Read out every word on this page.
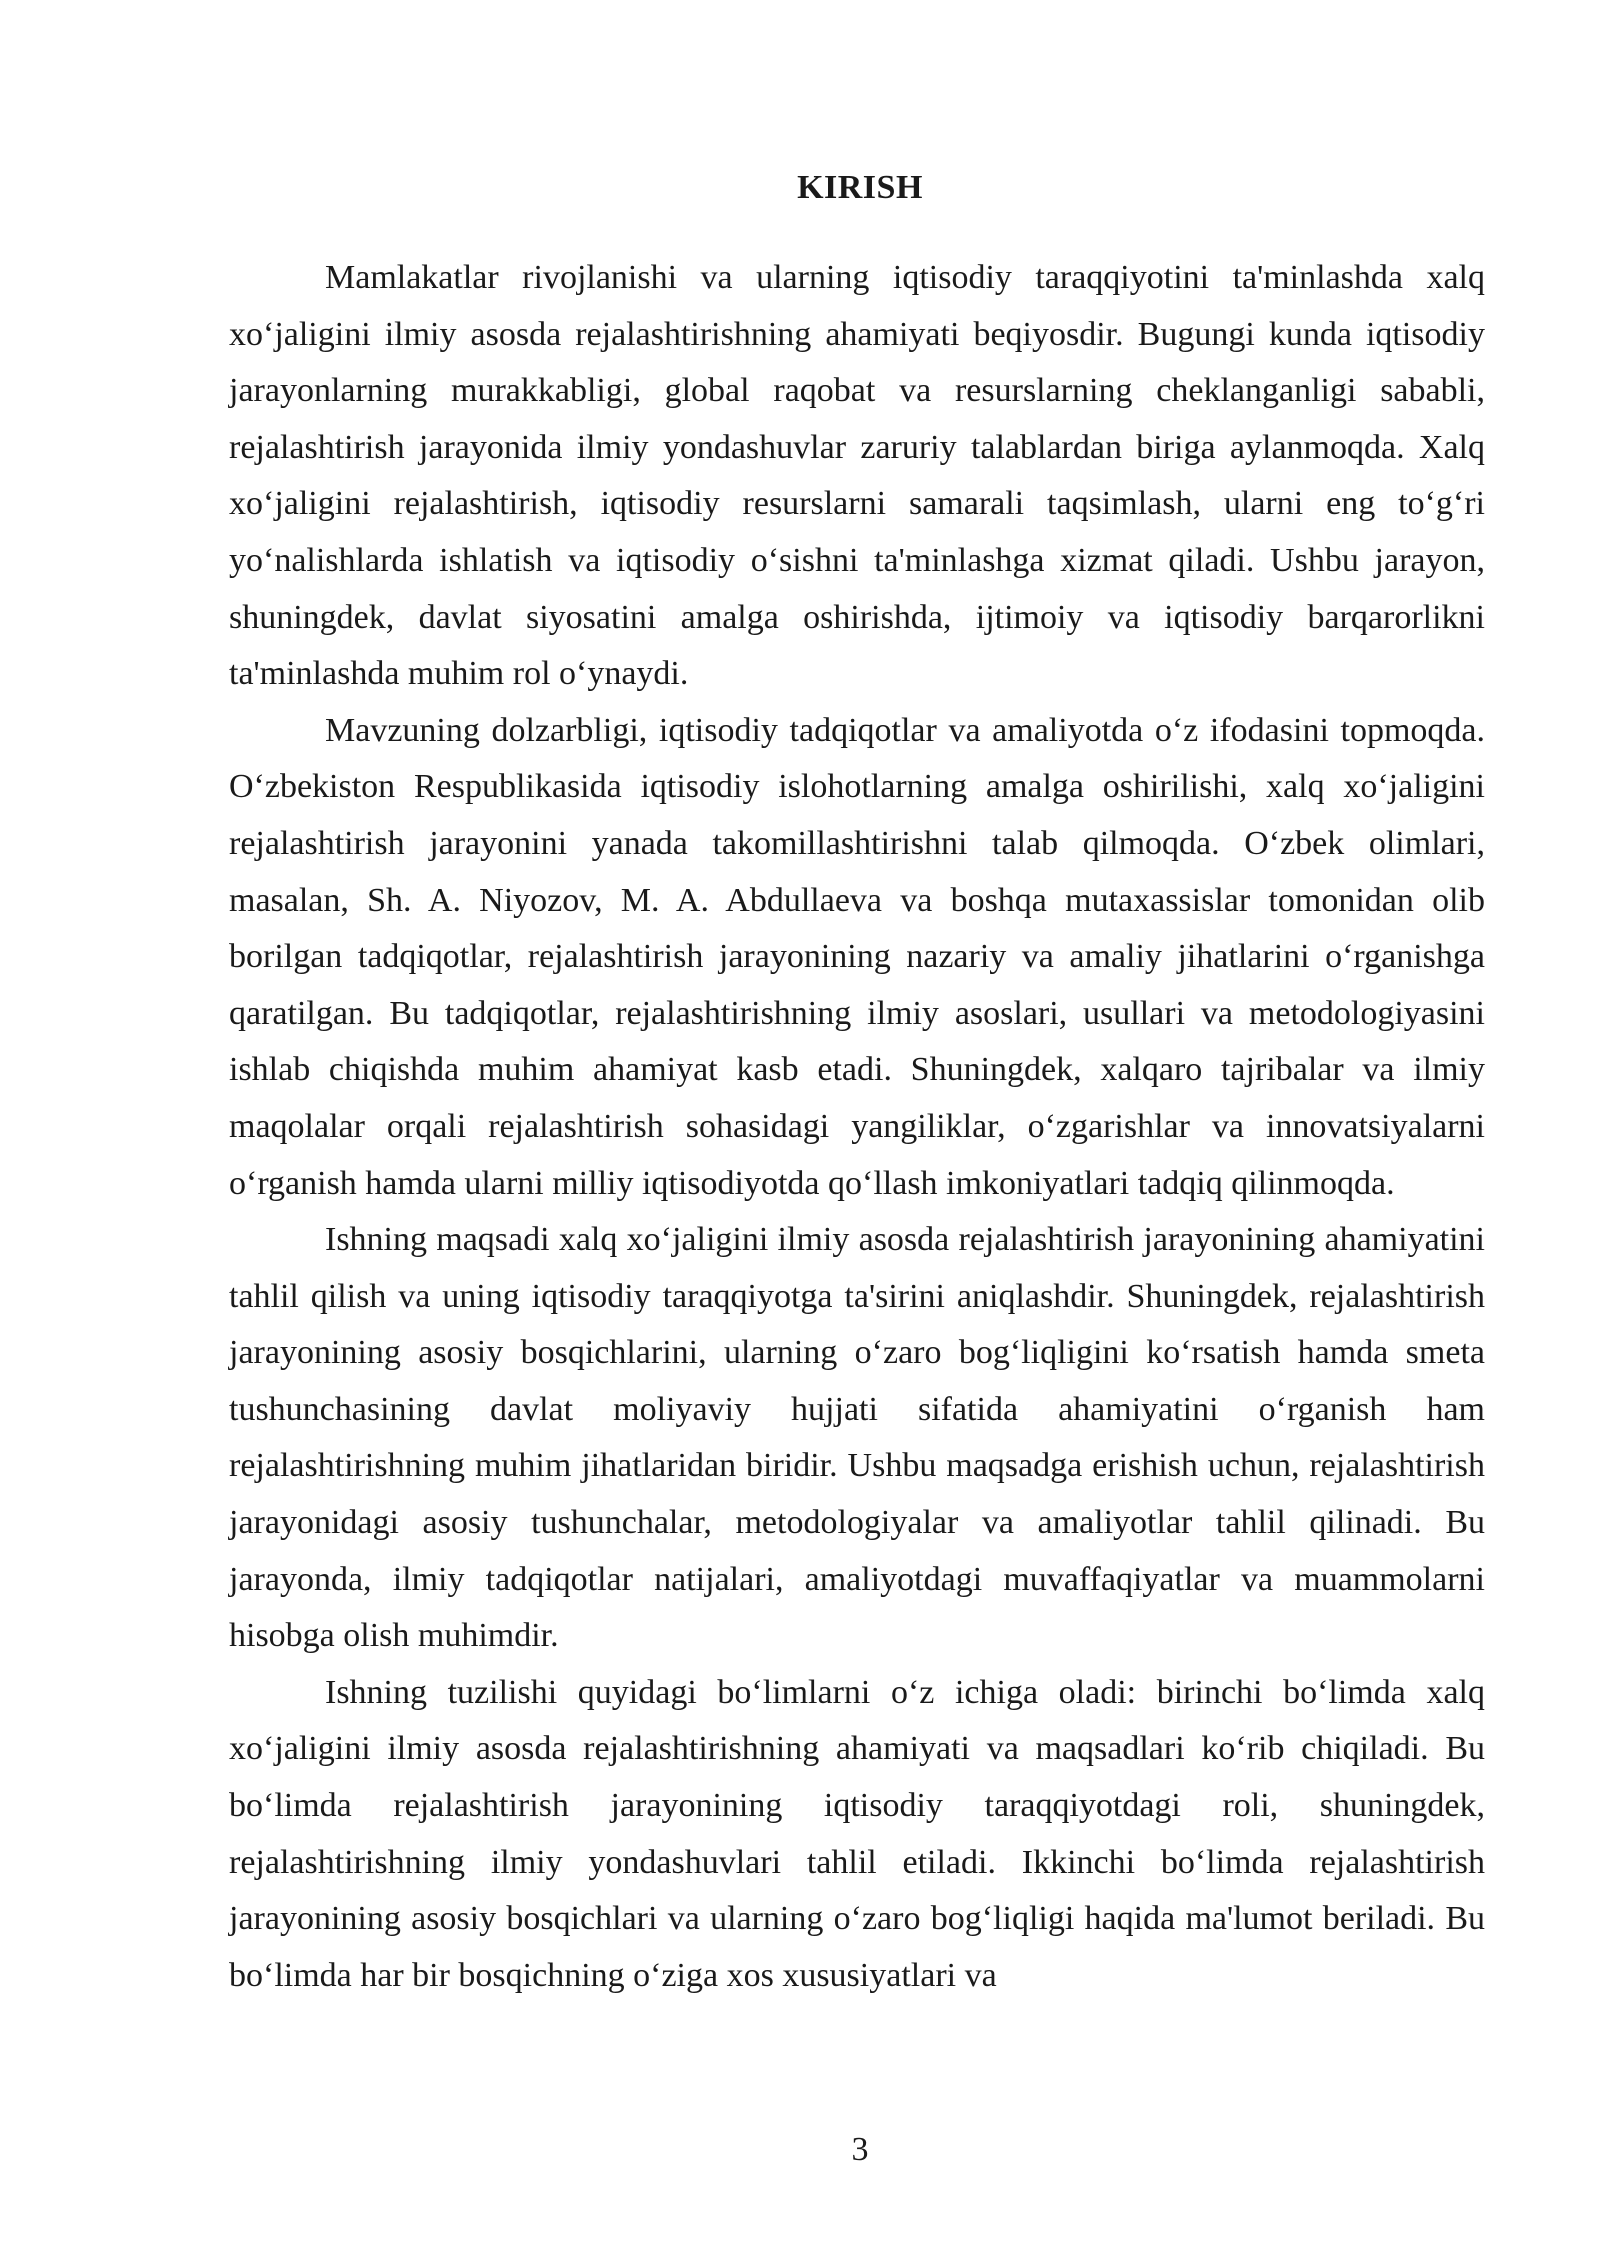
KIRISH

Mamlakatlar rivojlanishi va ularning iqtisodiy taraqqiyotini ta'minlashda xalq xo‘jaligini ilmiy asosda rejalashtirishning ahamiyati beqiyosdir. Bugungi kunda iqtisodiy jarayonlarning murakkabligi, global raqobat va resurslarning cheklanganligi sababli, rejalashtirish jarayonida ilmiy yondashuvlar zaruriy talablardan biriga aylanmoqda. Xalq xo‘jaligini rejalashtirish, iqtisodiy resurslarni samarali taqsimlash, ularni eng to‘g‘ri yo‘nalishlarda ishlatish va iqtisodiy o‘sishni ta'minlashga xizmat qiladi. Ushbu jarayon, shuningdek, davlat siyosatini amalga oshirishda, ijtimoiy va iqtisodiy barqarorlikni ta'minlashda muhim rol o‘ynaydi.

Mavzuning dolzarbligi, iqtisodiy tadqiqotlar va amaliyotda o‘z ifodasini topmoqda. O‘zbekiston Respublikasida iqtisodiy islohotlarning amalga oshirilishi, xalq xo‘jaligini rejalashtirish jarayonini yanada takomillashtirishni talab qilmoqda. O‘zbek olimlari, masalan, Sh. A. Niyozov, M. A. Abdullaeva va boshqa mutaxassislar tomonidan olib borilgan tadqiqotlar, rejalashtirish jarayonining nazariy va amaliy jihatlarini o‘rganishga qaratilgan. Bu tadqiqotlar, rejalashtirishning ilmiy asoslari, usullari va metodologiyasini ishlab chiqishda muhim ahamiyat kasb etadi. Shuningdek, xalqaro tajribalar va ilmiy maqolalar orqali rejalashtirish sohasidagi yangiliklar, o‘zgarishlar va innovatsiyalarni o‘rganish hamda ularni milliy iqtisodiyotda qo‘llash imkoniyatlari tadqiq qilinmoqda.

Ishning maqsadi xalq xo‘jaligini ilmiy asosda rejalashtirish jarayonining ahamiyatini tahlil qilish va uning iqtisodiy taraqqiyotga ta'sirini aniqlashdir. Shuningdek, rejalashtirish jarayonining asosiy bosqichlarini, ularning o‘zaro bog‘liqligini ko‘rsatish hamda smeta tushunchasining davlat moliyaviy hujjati sifatida ahamiyatini o‘rganish ham rejalashtirishning muhim jihatlaridan biridir. Ushbu maqsadga erishish uchun, rejalashtirish jarayonidagi asosiy tushunchalar, metodologiyalar va amaliyotlar tahlil qilinadi. Bu jarayonda, ilmiy tadqiqotlar natijalari, amaliyotdagi muvaffaqiyatlar va muammolarni hisobga olish muhimdir.

Ishning tuzilishi quyidagi bo‘limlarni o‘z ichiga oladi: birinchi bo‘limda xalq xo‘jaligini ilmiy asosda rejalashtirishning ahamiyati va maqsadlari ko‘rib chiqiladi. Bu bo‘limda rejalashtirish jarayonining iqtisodiy taraqqiyotdagi roli, shuningdek, rejalashtirishning ilmiy yondashuvlari tahlil etiladi. Ikkinchi bo‘limda rejalashtirish jarayonining asosiy bosqichlari va ularning o‘zaro bog‘liqligi haqida ma'lumot beriladi. Bu bo‘limda har bir bosqichning o‘ziga xos xususiyatlari va

3
